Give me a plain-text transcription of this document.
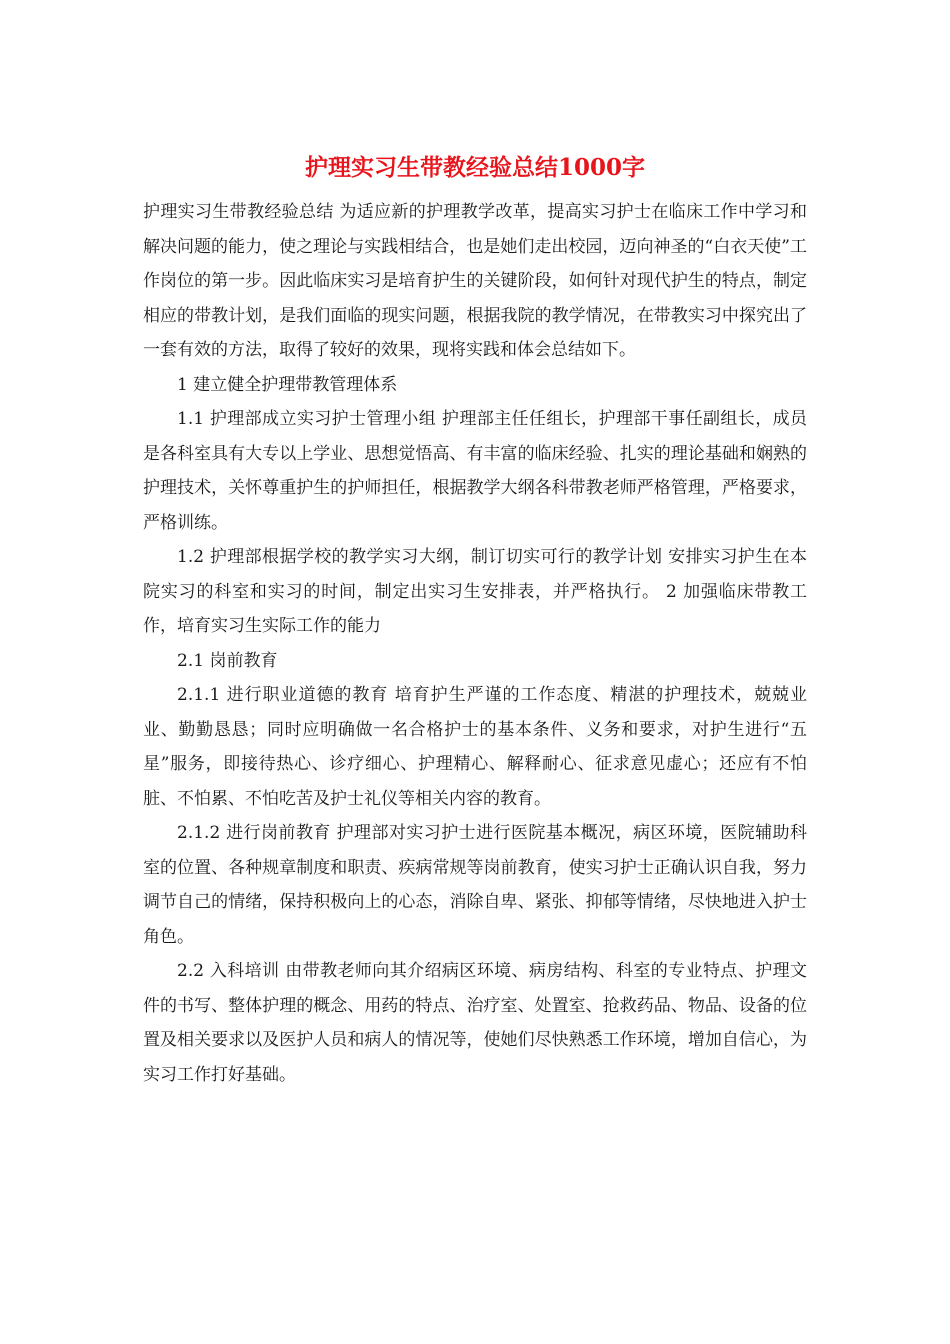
护理实习生带教经验总结1000字

护理实习生带教经验总结 为适应新的护理教学改革，提高实习护士在临床工作中学习和解决问题的能力，使之理论与实践相结合，也是她们走出校园，迈向神圣的“白衣天使”工作岗位的第一步。因此临床实习是培育护生的关键阶段，如何针对现代护生的特点，制定相应的带教计划，是我们面临的现实问题，根据我院的教学情况，在带教实习中探究出了一套有效的方法，取得了较好的效果，现将实践和体会总结如下。

1 建立健全护理带教管理体系

1.1 护理部成立实习护士管理小组 护理部主任任组长，护理部干事任副组长，成员是各科室具有大专以上学业、思想觉悟高、有丰富的临床经验、扎实的理论基础和娴熟的护理技术，关怀尊重护生的护师担任，根据教学大纲各科带教老师严格管理，严格要求，严格训练。

1.2 护理部根据学校的教学实习大纲，制订切实可行的教学计划 安排实习护生在本院实习的科室和实习的时间，制定出实习生安排表，并严格执行。 2 加强临床带教工作，培育实习生实际工作的能力

2.1 岗前教育

2.1.1 进行职业道德的教育 培育护生严谨的工作态度、精湛的护理技术，兢兢业业、勤勤恳恳；同时应明确做一名合格护士的基本条件、义务和要求，对护生进行“五星”服务，即接待热心、诊疗细心、护理精心、解释耐心、征求意见虚心；还应有不怕脏、不怕累、不怕吃苦及护士礼仪等相关内容的教育。

2.1.2 进行岗前教育 护理部对实习护士进行医院基本概况，病区环境，医院辅助科室的位置、各种规章制度和职责、疾病常规等岗前教育，使实习护士正确认识自我，努力调节自己的情绪，保持积极向上的心态，消除自卑、紧张、抑郁等情绪，尽快地进入护士角色。

2.2 入科培训 由带教老师向其介绍病区环境、病房结构、科室的专业特点、护理文件的书写、整体护理的概念、用药的特点、治疗室、处置室、抢救药品、物品、设备的位置及相关要求以及医护人员和病人的情况等，使她们尽快熟悉工作环境，增加自信心，为实习工作打好基础。
